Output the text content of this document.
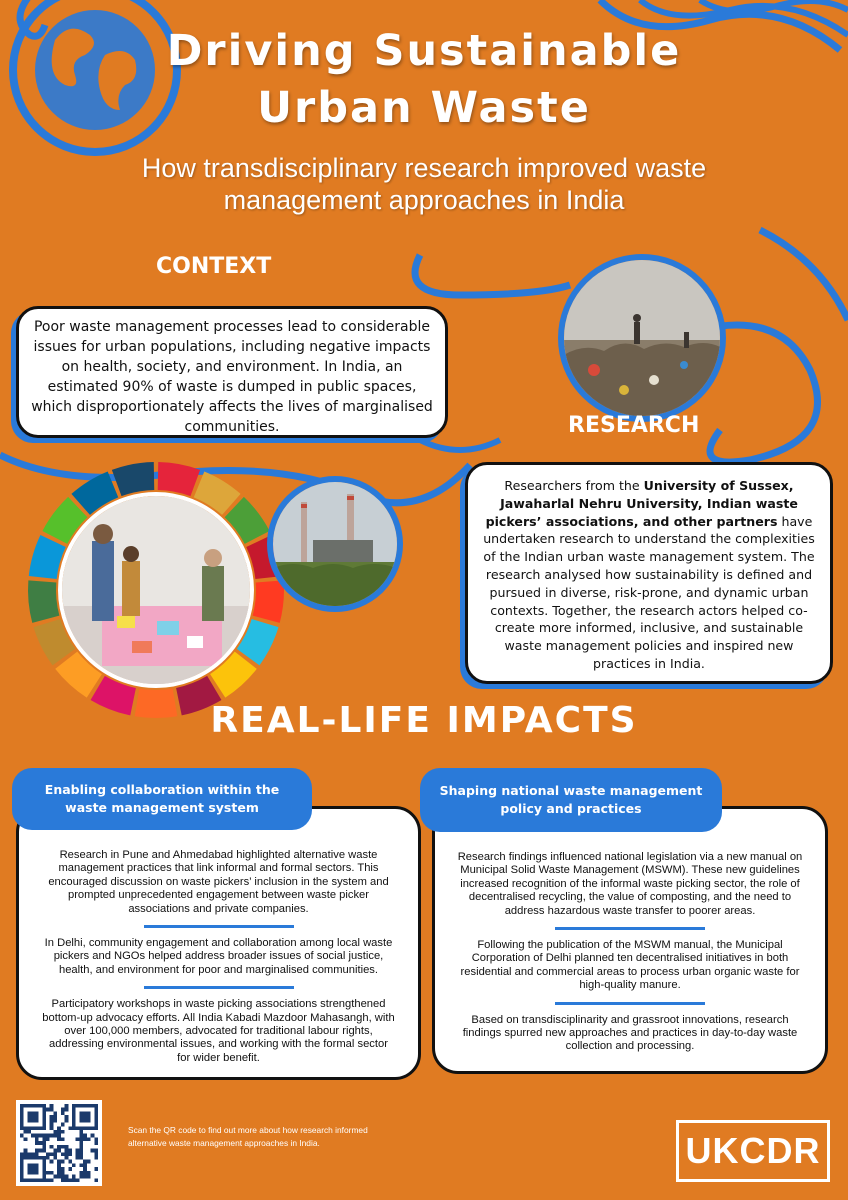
Driving Sustainable
Urban Waste
How transdisciplinary research improved waste management approaches in India
CONTEXT

Poor waste management processes lead to considerable issues for urban populations, including negative impacts on health, society, and environment. In India, an estimated 90% of waste is dumped in public spaces, which disproportionately affects the lives of marginalised communities.	RESEARCH

Researchers from the University of Sussex, Jawaharlal Nehru University, Indian waste pickers’ associations, and other partners have undertaken research to understand the complexities of the Indian urban waste management system. The research analysed how sustainability is defined and pursued in diverse, risk-prone, and dynamic urban contexts. Together, the research actors helped co-create more informed, inclusive, and sustainable waste management policies and inspired new practices in India.

REAL-LIFE IMPACTS

Research in Pune and Ahmedabad highlighted alternative waste management practices that link informal and formal sectors. This encouraged discussion on waste pickers’ inclusion in the system and prompted unprecedented engagement between waste picker associations and private companies.

In Delhi, community engagement and collaboration among local waste pickers and NGOs helped address broader issues of social justice, health, and environment for poor and marginalised communities.

Participatory workshops in waste picking associations strengthened bottom-up advocacy efforts. All India Kabadi Mazdoor Mahasangh, with over 100,000 members, advocated for traditional labour rights, addressing environmental issues, and working with the formal sector for wider benefit.

Enabling collaboration within the waste management system

Research findings influenced national legislation via a new manual on Municipal Solid Waste Management (MSWM). These new guidelines increased recognition of the informal waste picking sector, the role of decentralised recycling, the value of composting, and the need to address hazardous waste transfer to poorer areas.

Following the publication of the MSWM manual, the Municipal Corporation of Delhi planned ten decentralised initiatives in both residential and commercial areas to process urban organic waste for high-quality manure.

Based on transdisciplinarity and grassroot innovations, research findings spurred new approaches and practices in day-to-day waste collection and processing.

Shaping national waste management policy and practices

Scan the QR code to find out more about how research informed alternative waste management approaches in India.	UKCDR
